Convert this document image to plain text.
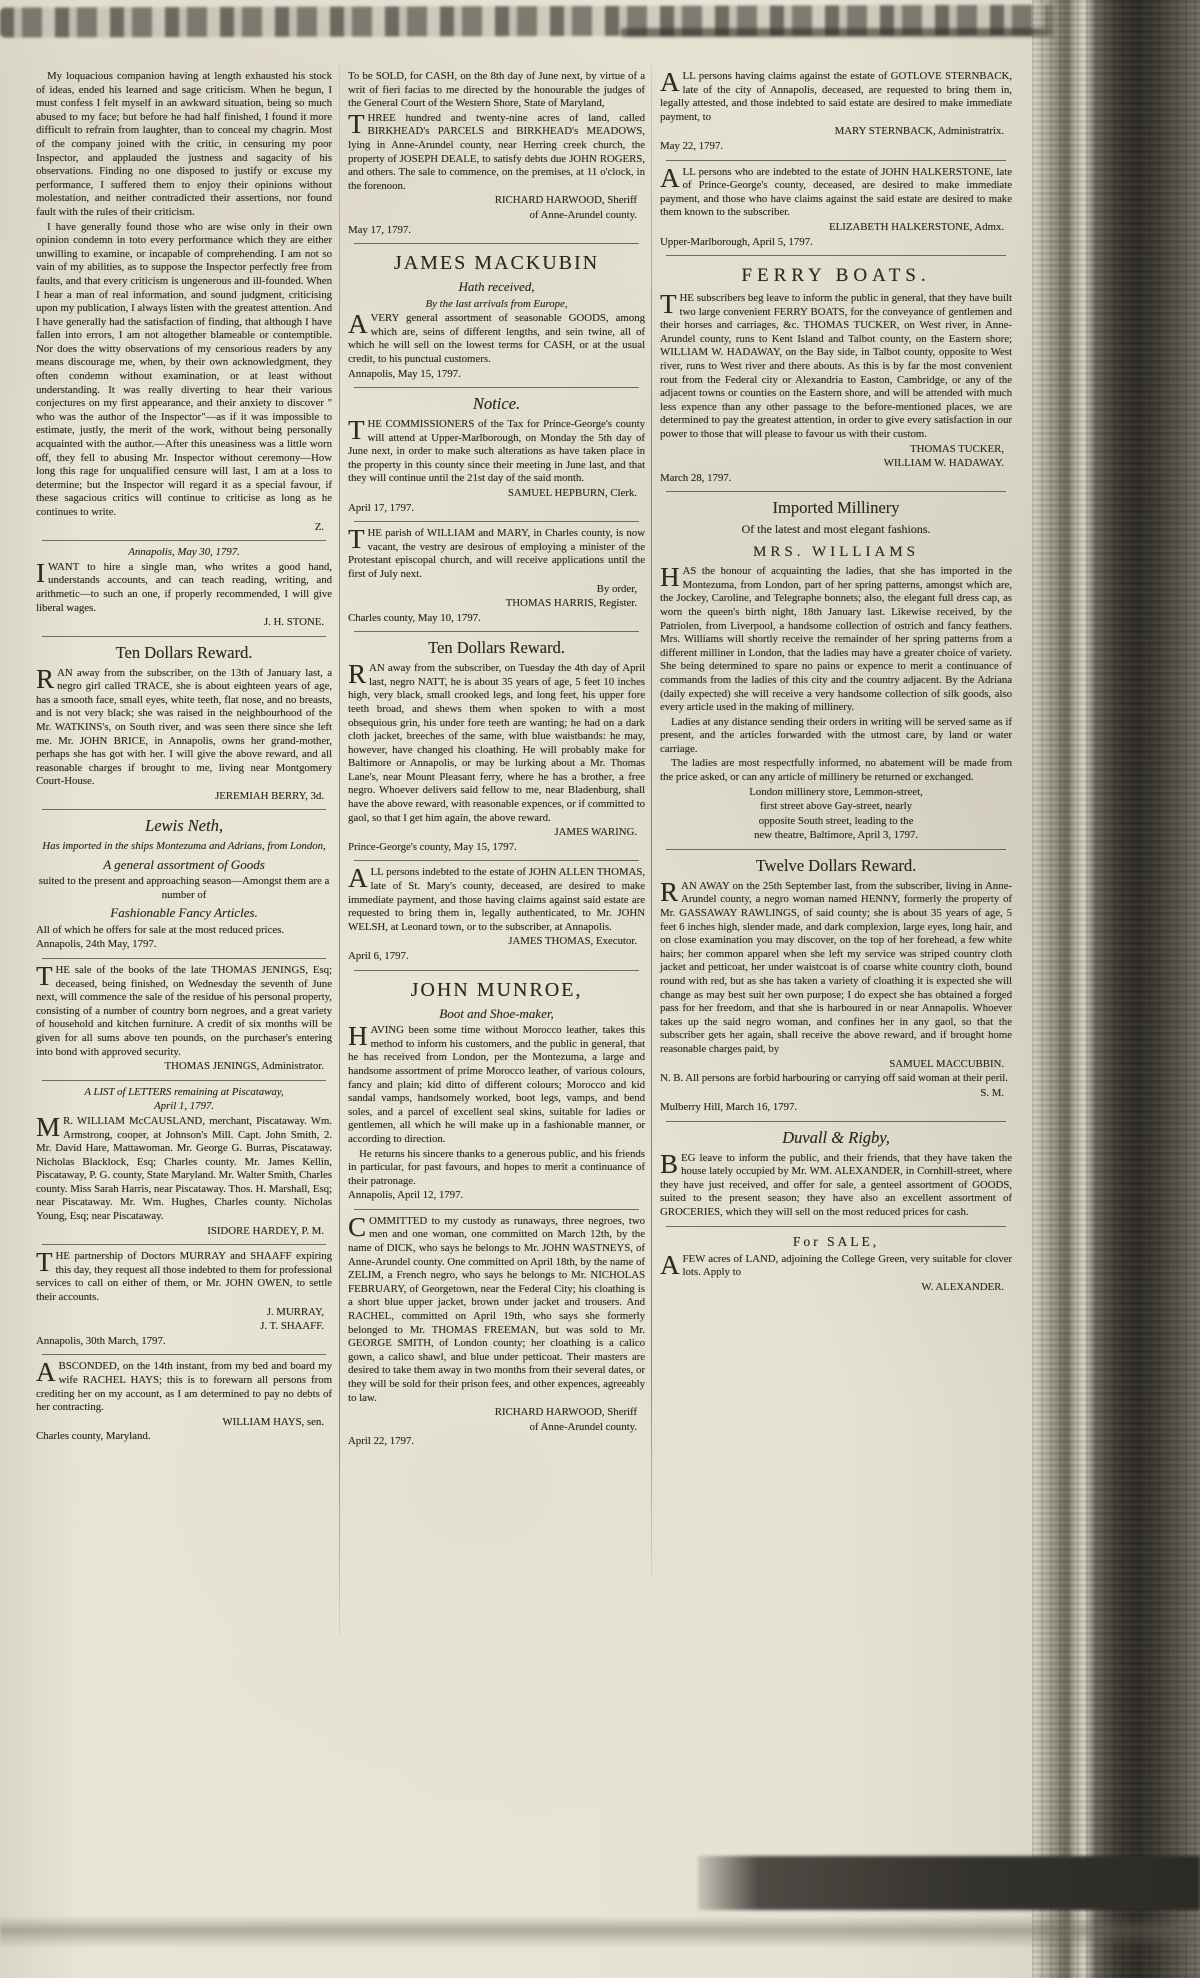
My loquacious companion having at length exhausted his stock of ideas, ended his learned and sage criticism. When he begun, I must confess I felt myself in an awkward situation, being so much abused to my face; but before he had half finished, I found it more difficult to refrain from laughter, than to conceal my chagrin. Most of the company joined with the critic, in censuring my poor Inspector, and applauded the justness and sagacity of his observations. Finding no one disposed to justify or excuse my performance, I suffered them to enjoy their opinions without molestation, and neither contradicted their assertions, nor found fault with the rules of their criticism.
I have generally found those who are wise only in their own opinion condemn in toto every performance which they are either unwilling to examine, or incapable of comprehending. I am not so vain of my abilities, as to suppose the Inspector perfectly free from faults, and that every criticism is ungenerous and ill-founded. When I hear a man of real information, and sound judgment, criticising upon my publication, I always listen with the greatest attention. And I have generally had the satisfaction of finding, that although I have fallen into errors, I am not altogether blameable or contemptible. Nor does the witty observations of my censorious readers by any means discourage me, when, by their own acknowledgment, they often condemn without examination, or at least without understanding. It was really diverting to hear their various conjectures on my first appearance, and their anxiety to discover " who was the author of the Inspector"—as if it was impossible to estimate, justly, the merit of the work, without being personally acquainted with the author.—After this uneasiness was a little worn off, they fell to abusing Mr. Inspector without ceremony—How long this rage for unqualified censure will last, I am at a loss to determine; but the Inspector will regard it as a special favour, if these sagacious critics will continue to criticise as long as he continues to write.
Z.
Annapolis, May 30, 1797.
IWANT to hire a single man, who writes a good hand, understands accounts, and can teach reading, writing, and arithmetic—to such an one, if properly recommended, I will give liberal wages.
J. H. STONE.
Ten Dollars Reward.
RAN away from the subscriber, on the 13th of January last, a negro girl called TRACE, she is about eighteen years of age, has a smooth face, small eyes, white teeth, flat nose, and no breasts, and is not very black; she was raised in the neighbourhood of the Mr. WATKINS's, on South river, and was seen there since she left me. Mr. JOHN BRICE, in Annapolis, owns her grand-mother, perhaps she has got with her. I will give the above reward, and all reasonable charges if brought to me, living near Montgomery Court-House.
JEREMIAH BERRY, 3d.
Lewis Neth,
Has imported in the ships Montezuma and Adrians, from London,
A general assortment of Goods
suited to the present and approaching season—Amongst them are a number of
Fashionable Fancy Articles.
All of which he offers for sale at the most reduced prices.
Annapolis, 24th May, 1797.
THE sale of the books of the late THOMAS JENINGS, Esq; deceased, being finished, on Wednesday the seventh of June next, will commence the sale of the residue of his personal property, consisting of a number of country born negroes, and a great variety of household and kitchen furniture. A credit of six months will be given for all sums above ten pounds, on the purchaser's entering into bond with approved security.
THOMAS JENINGS, Administrator.
A LIST of LETTERS remaining at Piscataway,
April 1, 1797.
M R. WILLIAM McCAUSLAND, merchant, Piscataway. Wm. Armstrong, cooper, at Johnson's Mill. Capt. John Smith, 2. Mr. David Hare, Mattawoman. Mr. George G. Burras, Piscataway. Nicholas Blacklock, Esq; Charles county. Mr. James Kellin, Piscataway, P. G. county, State Maryland. Mr. Walter Smith, Charles county. Miss Sarah Harris, near Piscataway. Thos. H. Marshall, Esq; near Piscataway. Mr. Wm. Hughes, Charles county. Nicholas Young, Esq; near Piscataway.
ISIDORE HARDEY, P. M.
THE partnership of Doctors MURRAY and SHAAFF expiring this day, they request all those indebted to them for professional services to call on either of them, or Mr. JOHN OWEN, to settle their accounts.
J. MURRAY,
J. T. SHAAFF.
Annapolis, 30th March, 1797.
ABSCONDED, on the 14th instant, from my bed and board my wife RACHEL HAYS; this is to forewarn all persons from crediting her on my account, as I am determined to pay no debts of her contracting.
WILLIAM HAYS, sen.
Charles county, Maryland.
To be SOLD, for CASH, on the 8th day of June next, by virtue of a writ of fieri facias to me directed by the honourable the judges of the General Court of the Western Shore, State of Maryland,
THREE hundred and twenty-nine acres of land, called BIRKHEAD's PARCELS and BIRKHEAD's MEADOWS, lying in Anne-Arundel county, near Herring creek church, the property of JOSEPH DEALE, to satisfy debts due JOHN ROGERS, and others. The sale to commence, on the premises, at 11 o'clock, in the forenoon.
RICHARD HARWOOD, Sheriff
of Anne-Arundel county.
May 17, 1797.
JAMES MACKUBIN
Hath received,
By the last arrivals from Europe,
AVERY general assortment of seasonable GOODS, among which are, seins of different lengths, and sein twine, all of which he will sell on the lowest terms for CASH, or at the usual credit, to his punctual customers.
Annapolis, May 15, 1797.
Notice.
THE COMMISSIONERS of the Tax for Prince-George's county will attend at Upper-Marlborough, on Monday the 5th day of June next, in order to make such alterations as have taken place in the property in this county since their meeting in June last, and that they will continue until the 21st day of the said month.
SAMUEL HEPBURN, Clerk.
April 17, 1797.
THE parish of WILLIAM and MARY, in Charles county, is now vacant, the vestry are desirous of employing a minister of the Protestant episcopal church, and will receive applications until the first of July next.
By order,
THOMAS HARRIS, Register.
Charles county, May 10, 1797.
Ten Dollars Reward.
RAN away from the subscriber, on Tuesday the 4th day of April last, negro NATT, he is about 35 years of age, 5 feet 10 inches high, very black, small crooked legs, and long feet, his upper fore teeth broad, and shews them when spoken to with a most obsequious grin, his under fore teeth are wanting; he had on a dark cloth jacket, breeches of the same, with blue waistbands: he may, however, have changed his cloathing. He will probably make for Baltimore or Annapolis, or may be lurking about a Mr. Thomas Lane's, near Mount Pleasant ferry, where he has a brother, a free negro. Whoever delivers said fellow to me, near Bladenburg, shall have the above reward, with reasonable expences, or if committed to gaol, so that I get him again, the above reward.
JAMES WARING.
Prince-George's county, May 15, 1797.
ALL persons indebted to the estate of JOHN ALLEN THOMAS, late of St. Mary's county, deceased, are desired to make immediate payment, and those having claims against said estate are requested to bring them in, legally authenticated, to Mr. JOHN WELSH, at Leonard town, or to the subscriber, at Annapolis.
JAMES THOMAS, Executor.
April 6, 1797.
JOHN MUNROE,
Boot and Shoe-maker,
HAVING been some time without Morocco leather, takes this method to inform his customers, and the public in general, that he has received from London, per the Montezuma, a large and handsome assortment of prime Morocco leather, of various colours, fancy and plain; kid ditto of different colours; Morocco and kid sandal vamps, handsomely worked, boot legs, vamps, and bend soles, and a parcel of excellent seal skins, suitable for ladies or gentlemen, all which he will make up in a fashionable manner, or according to direction.
He returns his sincere thanks to a generous public, and his friends in particular, for past favours, and hopes to merit a continuance of their patronage.
Annapolis, April 12, 1797.
COMMITTED to my custody as runaways, three negroes, two men and one woman, one committed on March 12th, by the name of DICK, who says he belongs to Mr. JOHN WASTNEYS, of Anne-Arundel county. One committed on April 18th, by the name of ZELIM, a French negro, who says he belongs to Mr. NICHOLAS FEBRUARY, of Georgetown, near the Federal City; his cloathing is a short blue upper jacket, brown under jacket and trousers. And RACHEL, committed on April 19th, who says she formerly belonged to Mr. THOMAS FREEMAN, but was sold to Mr. GEORGE SMITH, of London county; her cloathing is a calico gown, a calico shawl, and blue under petticoat. Their masters are desired to take them away in two months from their several dates, or they will be sold for their prison fees, and other expences, agreeably to law.
RICHARD HARWOOD, Sheriff
of Anne-Arundel county.
April 22, 1797.
ALL persons having claims against the estate of GOTLOVE STERNBACK, late of the city of Annapolis, deceased, are requested to bring them in, legally attested, and those indebted to said estate are desired to make immediate payment, to
MARY STERNBACK, Administratrix.
May 22, 1797.
ALL persons who are indebted to the estate of JOHN HALKERSTONE, late of Prince-George's county, deceased, are desired to make immediate payment, and those who have claims against the said estate are desired to make them known to the subscriber.
ELIZABETH HALKERSTONE, Admx.
Upper-Marlborough, April 5, 1797.
FERRY BOATS.
THE subscribers beg leave to inform the public in general, that they have built two large convenient FERRY BOATS, for the conveyance of gentlemen and their horses and carriages, &c. THOMAS TUCKER, on West river, in Anne-Arundel county, runs to Kent Island and Talbot county, on the Eastern shore; WILLIAM W. HADAWAY, on the Bay side, in Talbot county, opposite to West river, runs to West river and there abouts. As this is by far the most convenient rout from the Federal city or Alexandria to Easton, Cambridge, or any of the adjacent towns or counties on the Eastern shore, and will be attended with much less expence than any other passage to the before-mentioned places, we are determined to pay the greatest attention, in order to give every satisfaction in our power to those that will please to favour us with their custom.
THOMAS TUCKER,
WILLIAM W. HADAWAY.
March 28, 1797.
Imported Millinery
Of the latest and most elegant fashions.
MRS. WILLIAMS
HAS the honour of acquainting the ladies, that she has imported in the Montezuma, from London, part of her spring patterns, amongst which are, the Jockey, Caroline, and Telegraphe bonnets; also, the elegant full dress cap, as worn the queen's birth night, 18th January last. Likewise received, by the Patriolen, from Liverpool, a handsome collection of ostrich and fancy feathers. Mrs. Williams will shortly receive the remainder of her spring patterns from a different milliner in London, that the ladies may have a greater choice of variety. She being determined to spare no pains or expence to merit a continuance of commands from the ladies of this city and the country adjacent. By the Adriana (daily expected) she will receive a very handsome collection of silk goods, also every article used in the making of millinery.
Ladies at any distance sending their orders in writing will be served same as if present, and the articles forwarded with the utmost care, by land or water carriage.
The ladies are most respectfully informed, no abatement will be made from the price asked, or can any article of millinery be returned or exchanged.
London millinery store, Lemmon-street,
first street above Gay-street, nearly
opposite South street, leading to the
new theatre, Baltimore, April 3, 1797.
Twelve Dollars Reward.
RAN AWAY on the 25th September last, from the subscriber, living in Anne-Arundel county, a negro woman named HENNY, formerly the property of Mr. GASSAWAY RAWLINGS, of said county; she is about 35 years of age, 5 feet 6 inches high, slender made, and dark complexion, large eyes, long hair, and on close examination you may discover, on the top of her forehead, a few white hairs; her common apparel when she left my service was striped country cloth jacket and petticoat, her under waistcoat is of coarse white country cloth, bound round with red, but as she has taken a variety of cloathing it is expected she will change as may best suit her own purpose; I do expect she has obtained a forged pass for her freedom, and that she is harboured in or near Annapolis. Whoever takes up the said negro woman, and confines her in any gaol, so that the subscriber gets her again, shall receive the above reward, and if brought home reasonable charges paid, by
SAMUEL MACCUBBIN.
N. B. All persons are forbid harbouring or carrying off said woman at their peril.
S. M.
Mulberry Hill, March 16, 1797.
Duvall & Rigby,
BEG leave to inform the public, and their friends, that they have taken the house lately occupied by Mr. WM. ALEXANDER, in Cornhill-street, where they have just received, and offer for sale, a genteel assortment of GOODS, suited to the present season; they have also an excellent assortment of GROCERIES, which they will sell on the most reduced prices for cash.
For SALE,
AFEW acres of LAND, adjoining the College Green, very suitable for clover lots. Apply to
W. ALEXANDER.
